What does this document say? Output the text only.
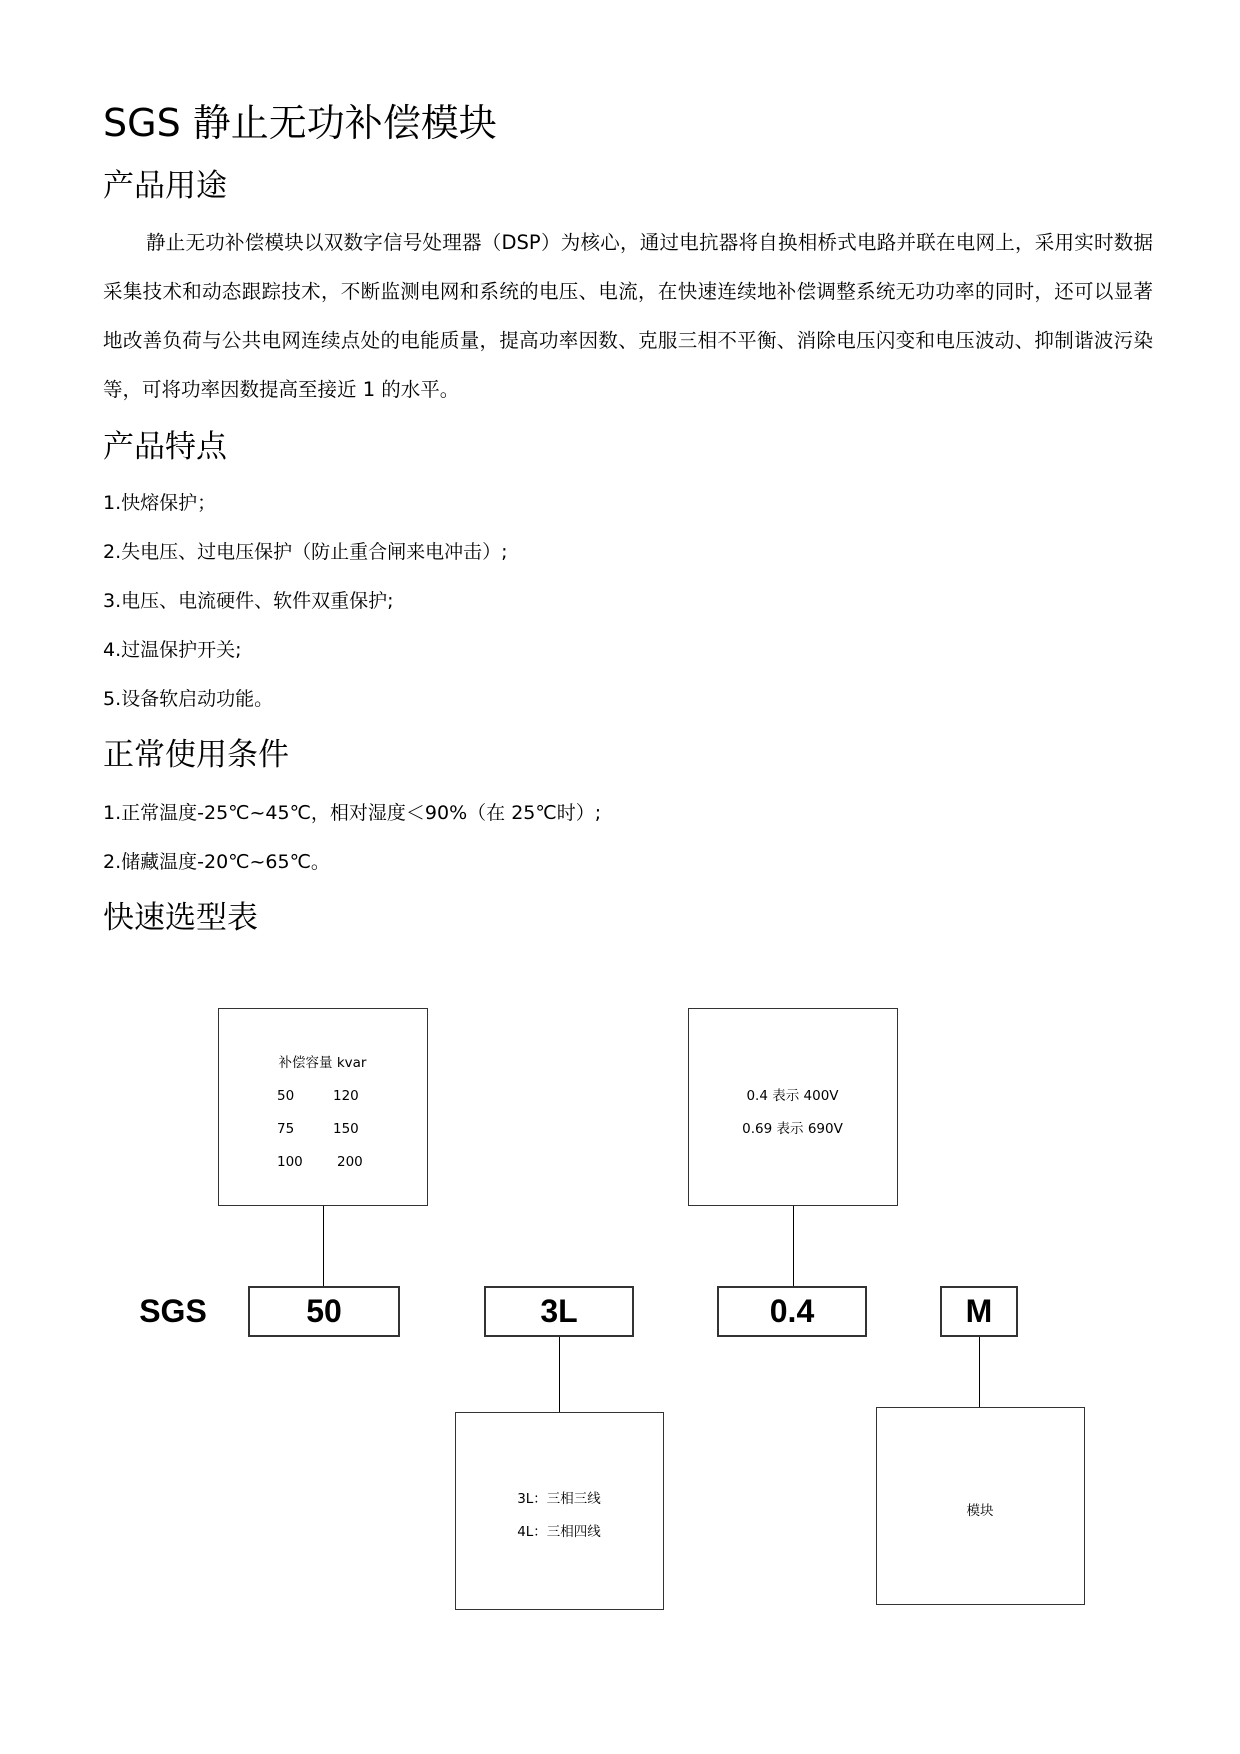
SGS 静止无功补偿模块
产品用途
静止无功补偿模块以双数字信号处理器（DSP）为核心，通过电抗器将自换相桥式电路并联在电网上，采用实时数据采集技术和动态跟踪技术，不断监测电网和系统的电压、电流，在快速连续地补偿调整系统无功功率的同时，还可以显著地改善负荷与公共电网连续点处的电能质量，提高功率因数、克服三相不平衡、消除电压闪变和电压波动、抑制谐波污染等，可将功率因数提高至接近 1 的水平。
产品特点
1.快熔保护；
2.失电压、过电压保护（防止重合闸来电冲击）;
3.电压、电流硬件、软件双重保护;
4.过温保护开关;
5.设备软启动功能。
正常使用条件
1.正常温度-25℃~45℃，相对湿度＜90%（在 25℃时）;
2.储藏温度-20℃~65℃。
快速选型表
补偿容量 kvar
50	120
75	150
100	200
0.4 表示 400V
0.69 表示 690V
SGS	50	3L	0.4	M
3L：三相三线
4L：三相四线
模块
